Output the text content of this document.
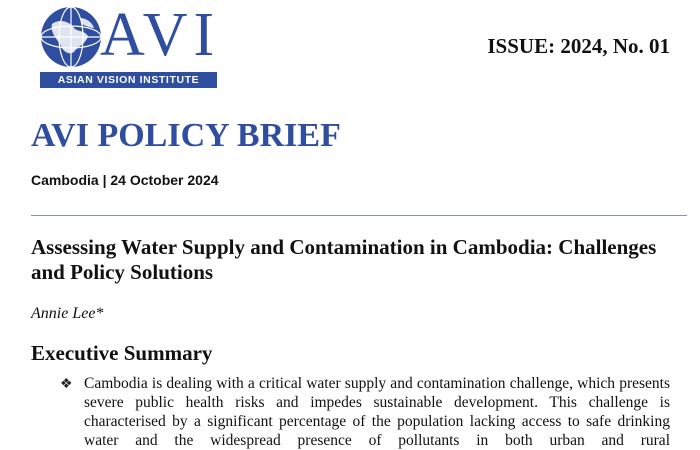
AVI
ASIAN VISION INSTITUTE
ISSUE: 2024, No. 01
AVI POLICY BRIEF
Cambodia | 24 October 2024
Assessing Water Supply and Contamination in Cambodia: Challenges and Policy Solutions
Annie Lee*
Executive Summary
❖ Cambodia is dealing with a critical water supply and contamination challenge, which presents severe public health risks and impedes sustainable development. This challenge is characterised by a significant percentage of the population lacking access to safe drinking water and the widespread presence of pollutants in both urban and rural
